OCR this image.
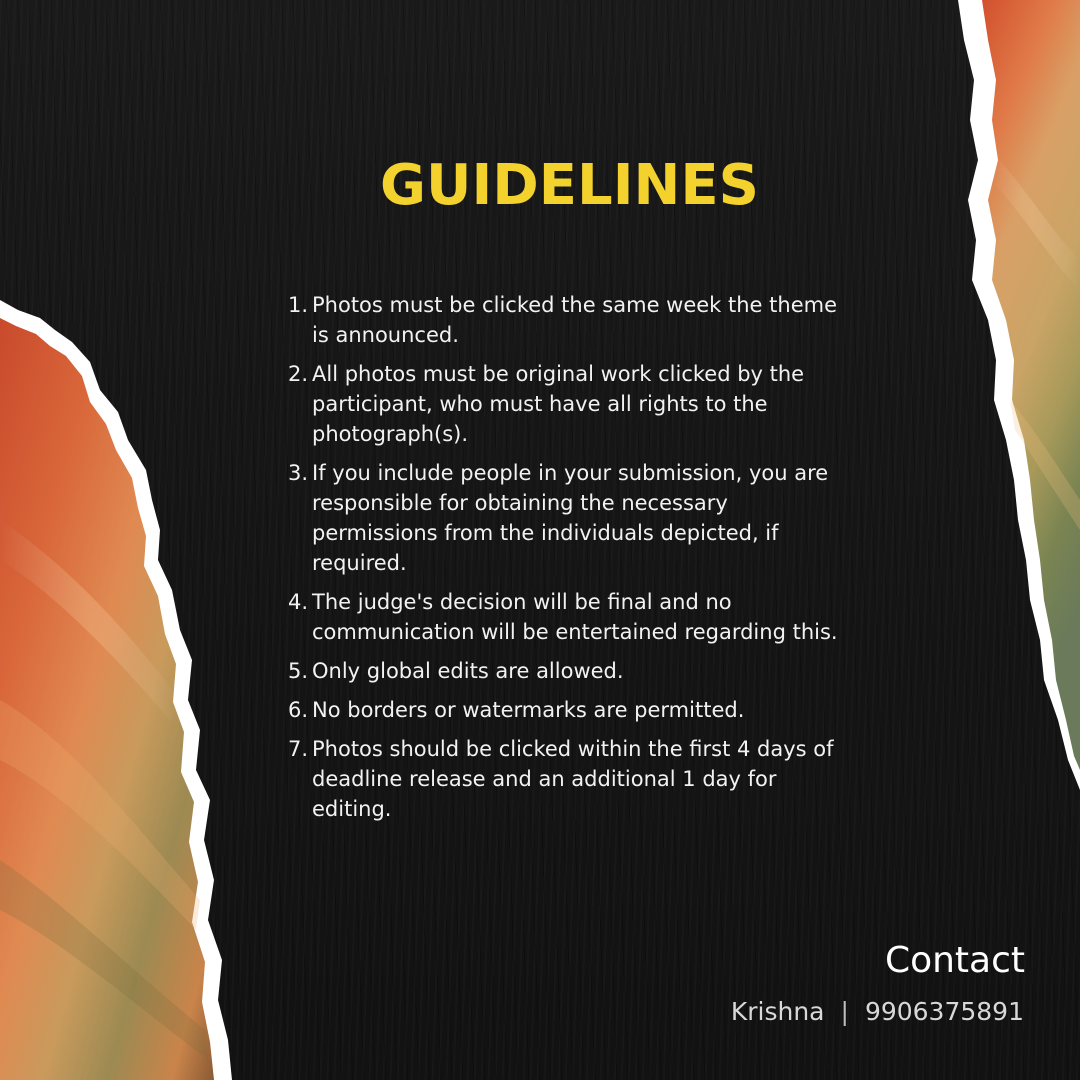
GUIDELINES
1. Photos must be clicked the same week the theme is announced.
2. All photos must be original work clicked by the participant, who must have all rights to the photograph(s).
3. If you include people in your submission, you are responsible for obtaining the necessary permissions from the individuals depicted, if required.
4. The judge's decision will be final and no communication will be entertained regarding this.
5. Only global edits are allowed.
6. No borders or watermarks are permitted.
7. Photos should be clicked within the first 4 days of deadline release and an additional 1 day for editing.
Contact
Krishna | 9906375891
